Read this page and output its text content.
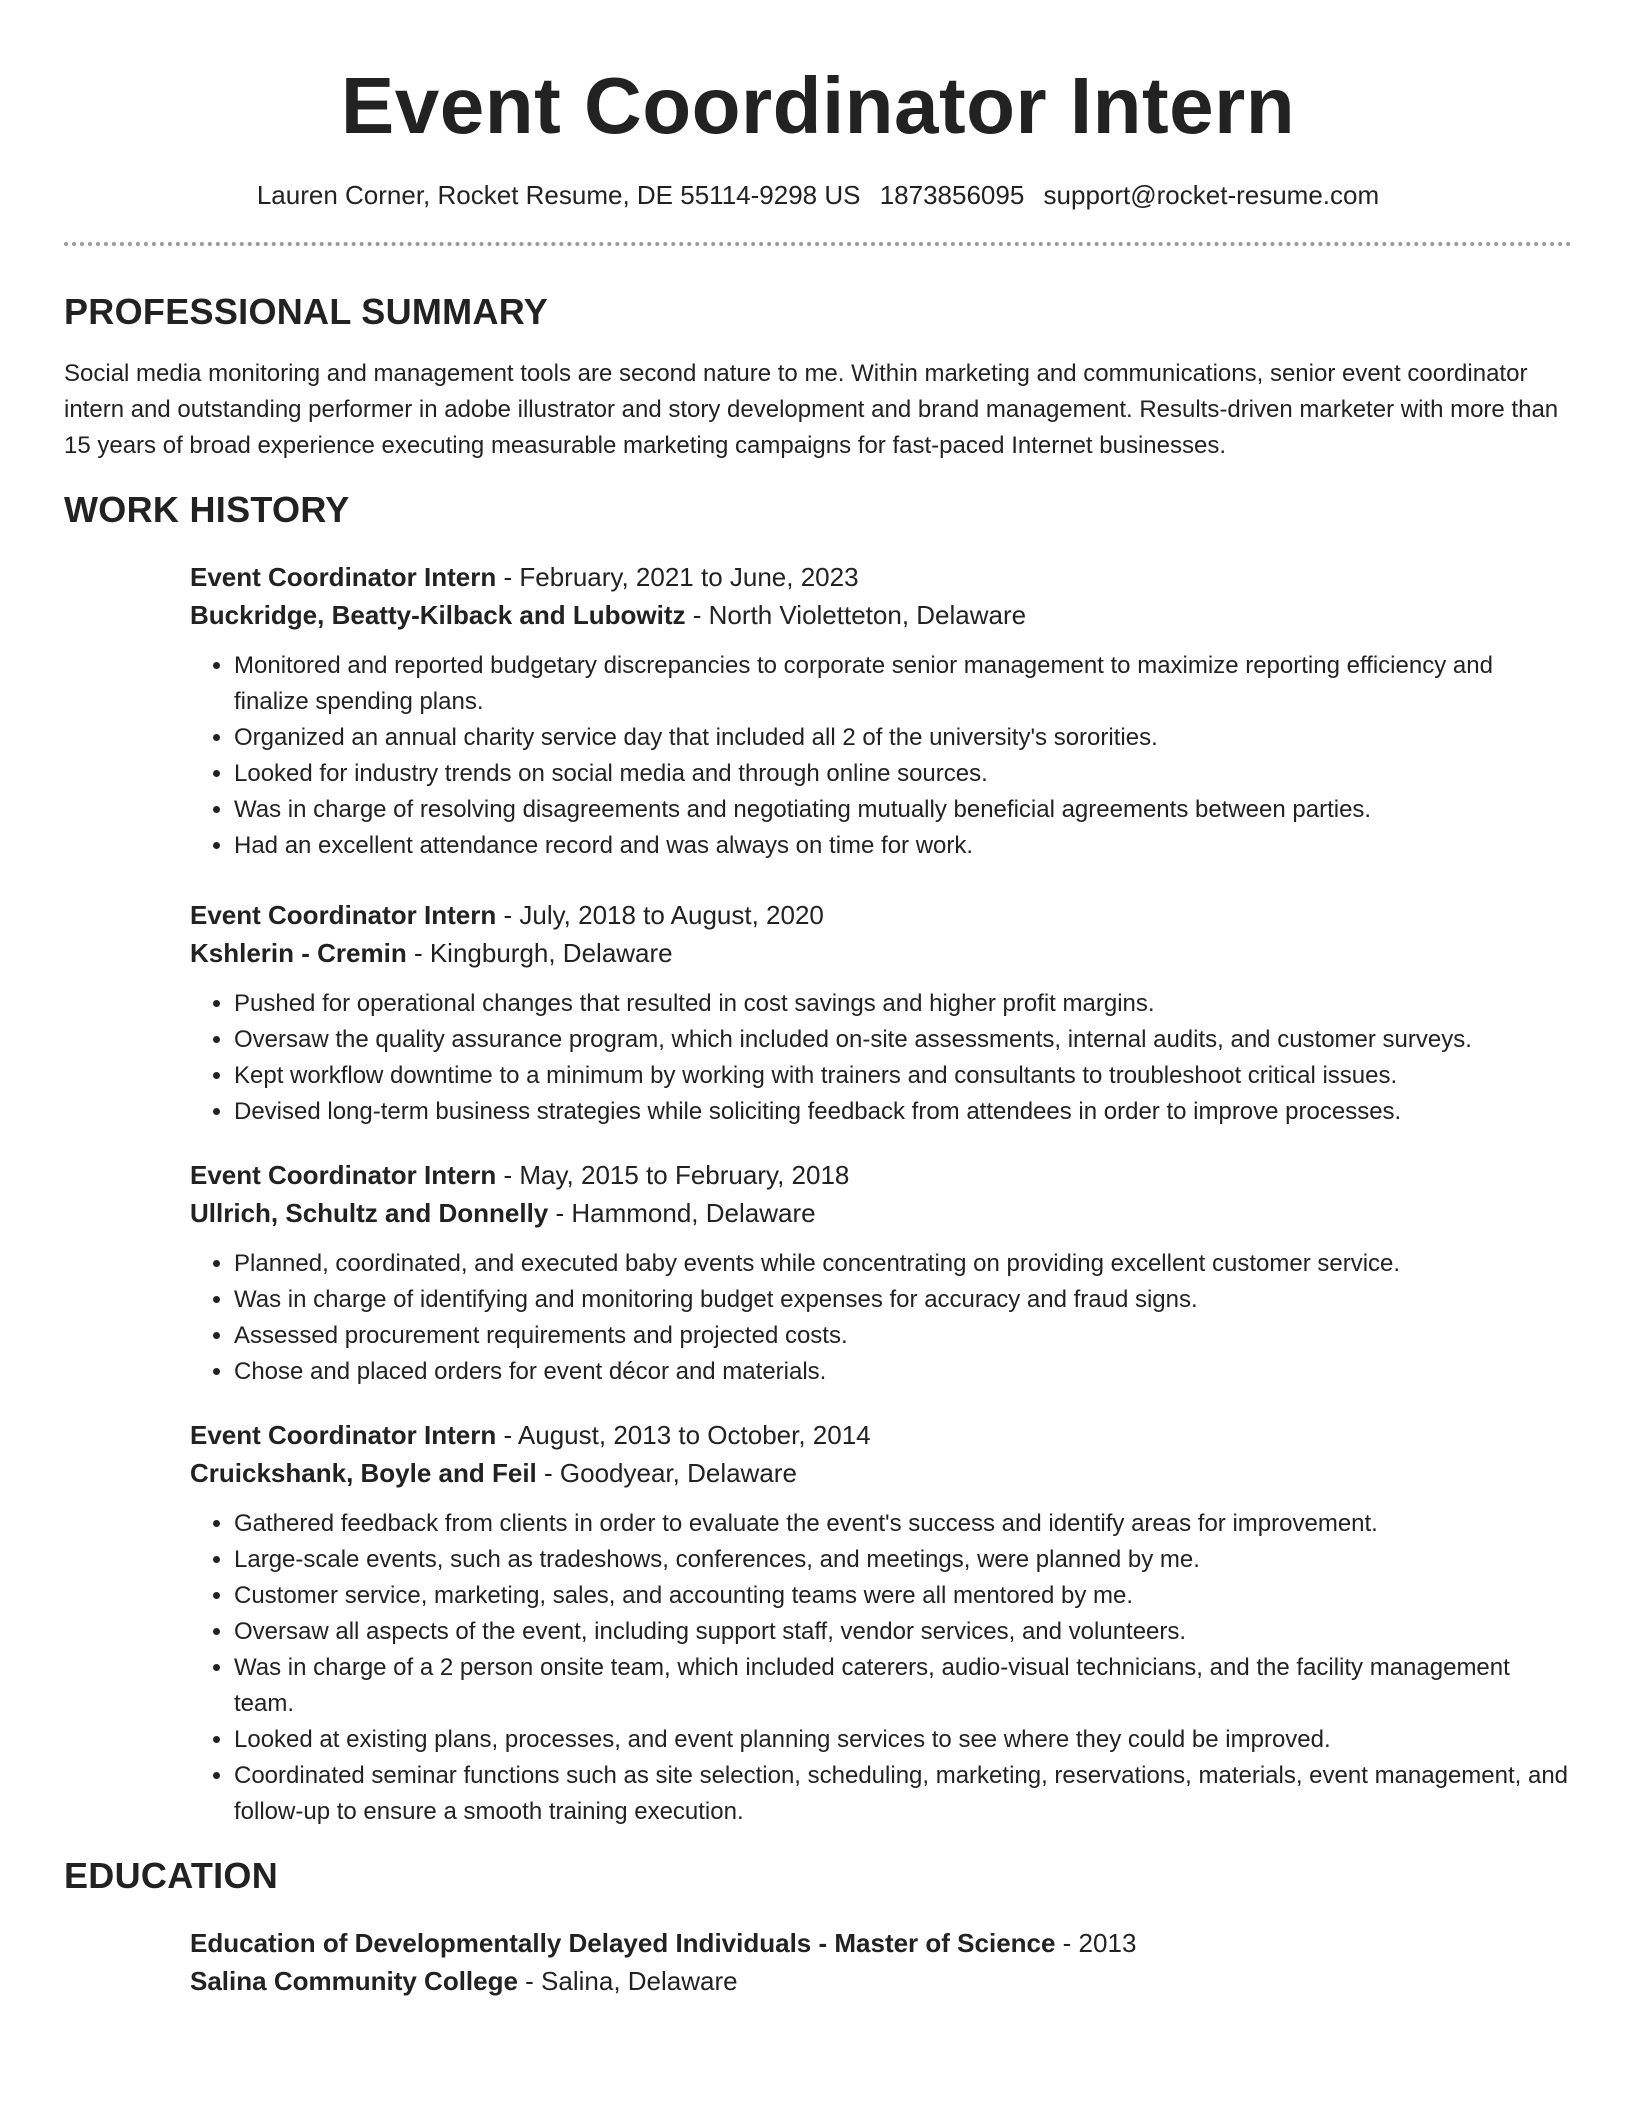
Event Coordinator Intern
Lauren Corner, Rocket Resume, DE 55114-9298 US 1873856095 support@rocket-resume.com
PROFESSIONAL SUMMARY

Social media monitoring and management tools are second nature to me. Within marketing and communications, senior event coordinator intern and outstanding performer in adobe illustrator and story development and brand management. Results-driven marketer with more than 15 years of broad experience executing measurable marketing campaigns for fast-paced Internet businesses.

WORK HISTORY

Event Coordinator Intern - February, 2021 to June, 2023

Buckridge, Beatty-Kilback and Lubowitz - North Violetteton, Delaware

• Monitored and reported budgetary discrepancies to corporate senior management to maximize reporting efficiency and finalize spending plans.
• Organized an annual charity service day that included all 2 of the university's sororities.
• Looked for industry trends on social media and through online sources.
• Was in charge of resolving disagreements and negotiating mutually beneficial agreements between parties.
• Had an excellent attendance record and was always on time for work.

Event Coordinator Intern - July, 2018 to August, 2020

Kshlerin - Cremin - Kingburgh, Delaware

• Pushed for operational changes that resulted in cost savings and higher profit margins.
• Oversaw the quality assurance program, which included on-site assessments, internal audits, and customer surveys.
• Kept workflow downtime to a minimum by working with trainers and consultants to troubleshoot critical issues.
• Devised long-term business strategies while soliciting feedback from attendees in order to improve processes.

Event Coordinator Intern - May, 2015 to February, 2018

Ullrich, Schultz and Donnelly - Hammond, Delaware

• Planned, coordinated, and executed baby events while concentrating on providing excellent customer service.
• Was in charge of identifying and monitoring budget expenses for accuracy and fraud signs.
• Assessed procurement requirements and projected costs.
• Chose and placed orders for event décor and materials.

Event Coordinator Intern - August, 2013 to October, 2014

Cruickshank, Boyle and Feil - Goodyear, Delaware

• Gathered feedback from clients in order to evaluate the event's success and identify areas for improvement.
• Large-scale events, such as tradeshows, conferences, and meetings, were planned by me.
• Customer service, marketing, sales, and accounting teams were all mentored by me.
• Oversaw all aspects of the event, including support staff, vendor services, and volunteers.
• Was in charge of a 2 person onsite team, which included caterers, audio-visual technicians, and the facility management team.
• Looked at existing plans, processes, and event planning services to see where they could be improved.
• Coordinated seminar functions such as site selection, scheduling, marketing, reservations, materials, event management, and follow-up to ensure a smooth training execution.
EDUCATION

Education of Developmentally Delayed Individuals - Master of Science - 2013

Salina Community College - Salina, Delaware
